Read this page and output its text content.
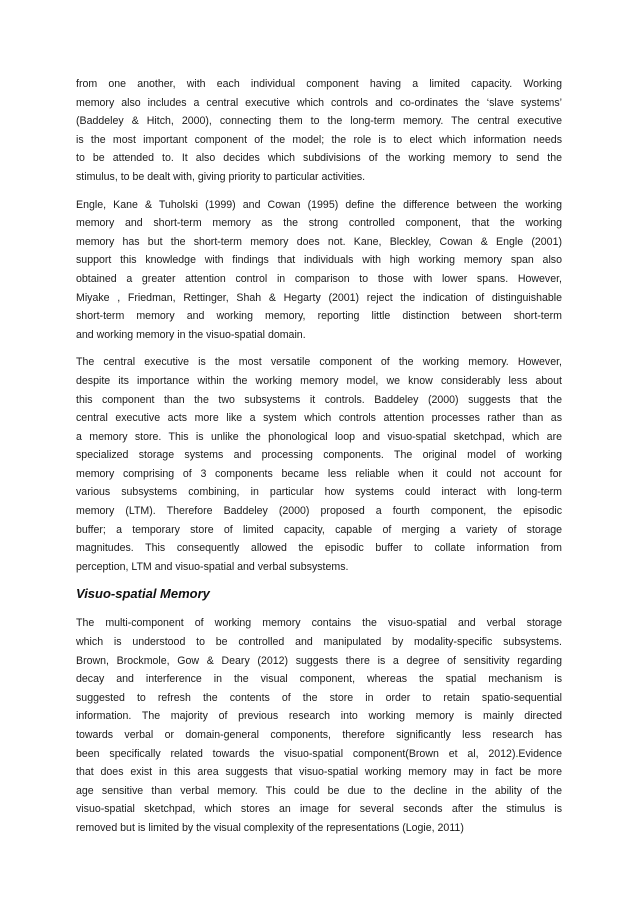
from one another, with each individual component having a limited capacity. Working
memory also includes a central executive which controls and co-ordinates the ‘slave systems’
(Baddeley & Hitch, 2000), connecting them to the long-term memory. The central executive
is the most important component of the model; the role is to elect which information needs
to be attended to. It also decides which subdivisions of the working memory to send the
stimulus, to be dealt with, giving priority to particular activities.

Engle, Kane & Tuholski (1999) and Cowan (1995) define the difference between the working
memory and short-term memory as the strong controlled component, that the working
memory has but the short-term memory does not. Kane, Bleckley, Cowan & Engle (2001)
support this knowledge with findings that individuals with high working memory span also
obtained a greater attention control in comparison to those with lower spans. However,
Miyake , Friedman, Rettinger, Shah & Hegarty (2001) reject the indication of distinguishable
short-term memory and working memory, reporting little distinction between short-term
and working memory in the visuo-spatial domain.

The central executive is the most versatile component of the working memory. However,
despite its importance within the working memory model, we know considerably less about
this component than the two subsystems it controls. Baddeley (2000) suggests that the
central executive acts more like a system which controls attention processes rather than as
a memory store. This is unlike the phonological loop and visuo-spatial sketchpad, which are
specialized storage systems and processing components. The original model of working
memory comprising of 3 components became less reliable when it could not account for
various subsystems combining, in particular how systems could interact with long-term
memory (LTM). Therefore Baddeley (2000) proposed a fourth component, the episodic
buffer; a temporary store of limited capacity, capable of merging a variety of storage
magnitudes. This consequently allowed the episodic buffer to collate information from
perception, LTM and visuo-spatial and verbal subsystems.

Visuo-spatial Memory

The multi-component of working memory contains the visuo-spatial and verbal storage
which is understood to be controlled and manipulated by modality-specific subsystems.
Brown, Brockmole, Gow & Deary (2012) suggests there is a degree of sensitivity regarding
decay and interference in the visual component, whereas the spatial mechanism is
suggested to refresh the contents of the store in order to retain spatio-sequential
information. The majority of previous research into working memory is mainly directed
towards verbal or domain-general components, therefore significantly less research has
been specifically related towards the visuo-spatial component(Brown et al, 2012).Evidence
that does exist in this area suggests that visuo-spatial working memory may in fact be more
age sensitive than verbal memory. This could be due to the decline in the ability of the
visuo-spatial sketchpad, which stores an image for several seconds after the stimulus is
removed but is limited by the visual complexity of the representations (Logie, 2011)
